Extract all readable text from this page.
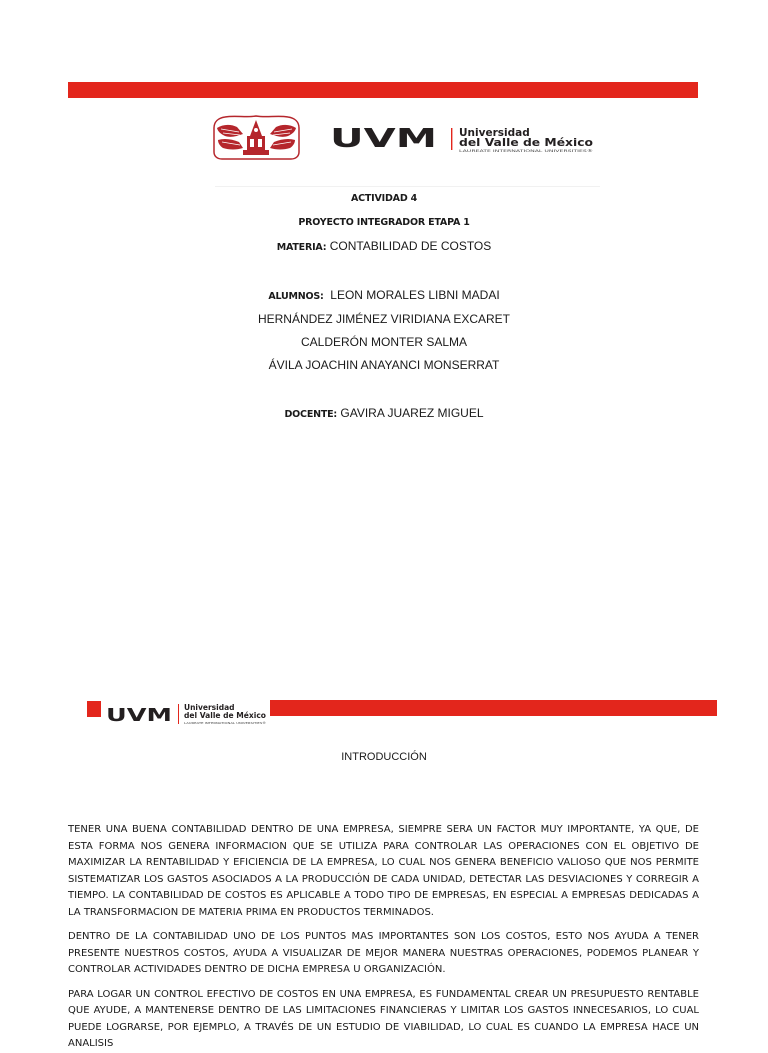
UVM Universidad
del Valle de México
LAUREATE INTERNATIONAL UNIVERSITIES®
ACTIVIDAD 4
PROYECTO INTEGRADOR ETAPA 1
MATERIA: CONTABILIDAD DE COSTOS
ALUMNOS: LEON MORALES LIBNI MADAI
HERNÁNDEZ JIMÉNEZ VIRIDIANA EXCARET
CALDERÓN MONTER SALMA
ÁVILA JOACHIN ANAYANCI MONSERRAT
DOCENTE: GAVIRA JUAREZ MIGUEL
UVM Universidad
del Valle de México
LAUREATE INTERNATIONAL UNIVERSITIES®
INTRODUCCIÓN

TENER UNA BUENA CONTABILIDAD DENTRO DE UNA EMPRESA, SIEMPRE SERA UN FACTOR MUY IMPORTANTE, YA QUE, DE ESTA FORMA NOS GENERA INFORMACION QUE SE UTILIZA PARA CONTROLAR LAS OPERACIONES CON EL OBJETIVO DE MAXIMIZAR LA RENTABILIDAD Y EFICIENCIA DE LA EMPRESA, LO CUAL NOS GENERA BENEFICIO VALIOSO QUE NOS PERMITE SISTEMATIZAR LOS GASTOS ASOCIADOS A LA PRODUCCIÓN DE CADA UNIDAD, DETECTAR LAS DESVIACIONES Y CORREGIR A TIEMPO. LA CONTABILIDAD DE COSTOS ES APLICABLE A TODO TIPO DE EMPRESAS, EN ESPECIAL A EMPRESAS DEDICADAS A LA TRANSFORMACION DE MATERIA PRIMA EN PRODUCTOS TERMINADOS.

DENTRO DE LA CONTABILIDAD UNO DE LOS PUNTOS MAS IMPORTANTES SON LOS COSTOS, ESTO NOS AYUDA A TENER PRESENTE NUESTROS COSTOS, AYUDA A VISUALIZAR DE MEJOR MANERA NUESTRAS OPERACIONES, PODEMOS PLANEAR Y CONTROLAR ACTIVIDADES DENTRO DE DICHA EMPRESA U ORGANIZACIÓN.

PARA LOGAR UN CONTROL EFECTIVO DE COSTOS EN UNA EMPRESA, ES FUNDAMENTAL CREAR UN PRESUPUESTO RENTABLE QUE AYUDE, A MANTENERSE DENTRO DE LAS LIMITACIONES FINANCIERAS Y LIMITAR LOS GASTOS INNECESARIOS, LO CUAL PUEDE LOGRARSE, POR EJEMPLO, A TRAVÉS DE UN ESTUDIO DE VIABILIDAD, LO CUAL ES CUANDO LA EMPRESA HACE UN ANALISIS
